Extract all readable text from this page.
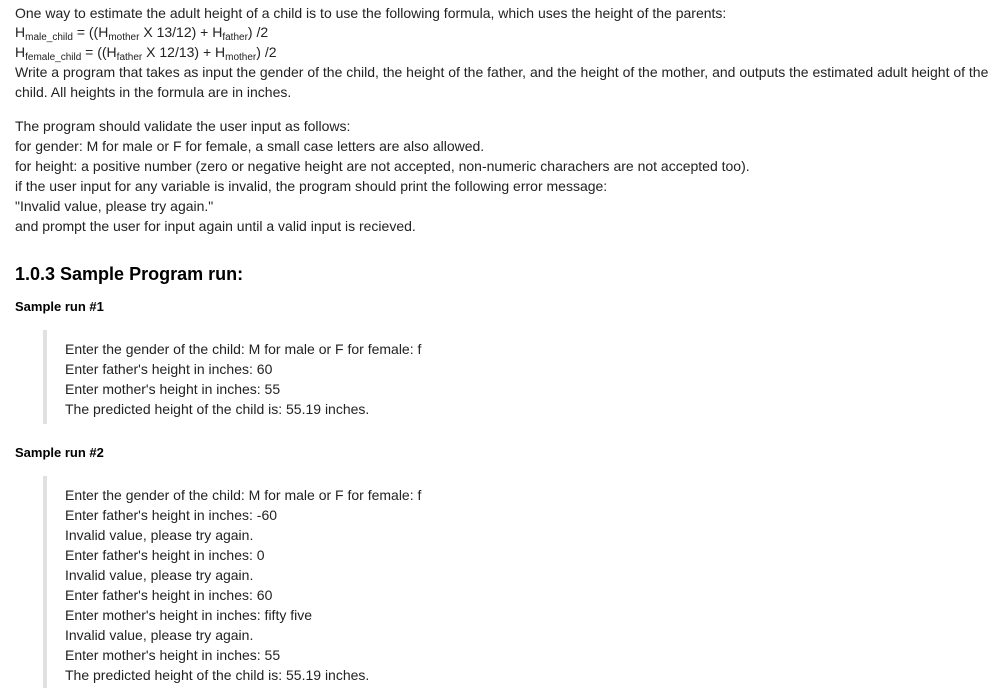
One way to estimate the adult height of a child is to use the following formula, which uses the height of the parents:
$H_{male\_child} = ((H_{mother}$ X $13/12) + H_{father}$) /2
$H_{female\_child} = ((H_{father}$ X $12/13) + H_{mother}$) /2
Write a program that takes as input the gender of the child, the height of the father, and the height of the mother, and outputs the estimated adult height of the
child. All heights in the formula are in inches.
The program should validate the user input as follows:
for gender: M for male or F for female, a small case letters are also allowed.
for height: a positive number (zero or negative height are not accepted, non-numeric charachers are not accepted too).
if the user input for any variable is invalid, the program should print the following error message:
"Invalid value, please try again."
and prompt the user for input again until a valid input is recieved.
1.0.3 Sample Program run:
Sample run #1
Enter the gender of the child: M for male or F for female: f
Enter father's height in inches: 60
Enter mother's height in inches: 55
The predicted height of the child is: 55.19 inches.
Sample run #2
Enter the gender of the child: M for male or F for female: f
Enter father's height in inches: -60
Invalid value, please try again.
Enter father's height in inches: 0
Invalid value, please try again.
Enter father's height in inches: 60
Enter mother's height in inches: fifty five
Invalid value, please try again.
Enter mother's height in inches: 55
The predicted height of the child is: 55.19 inches.
